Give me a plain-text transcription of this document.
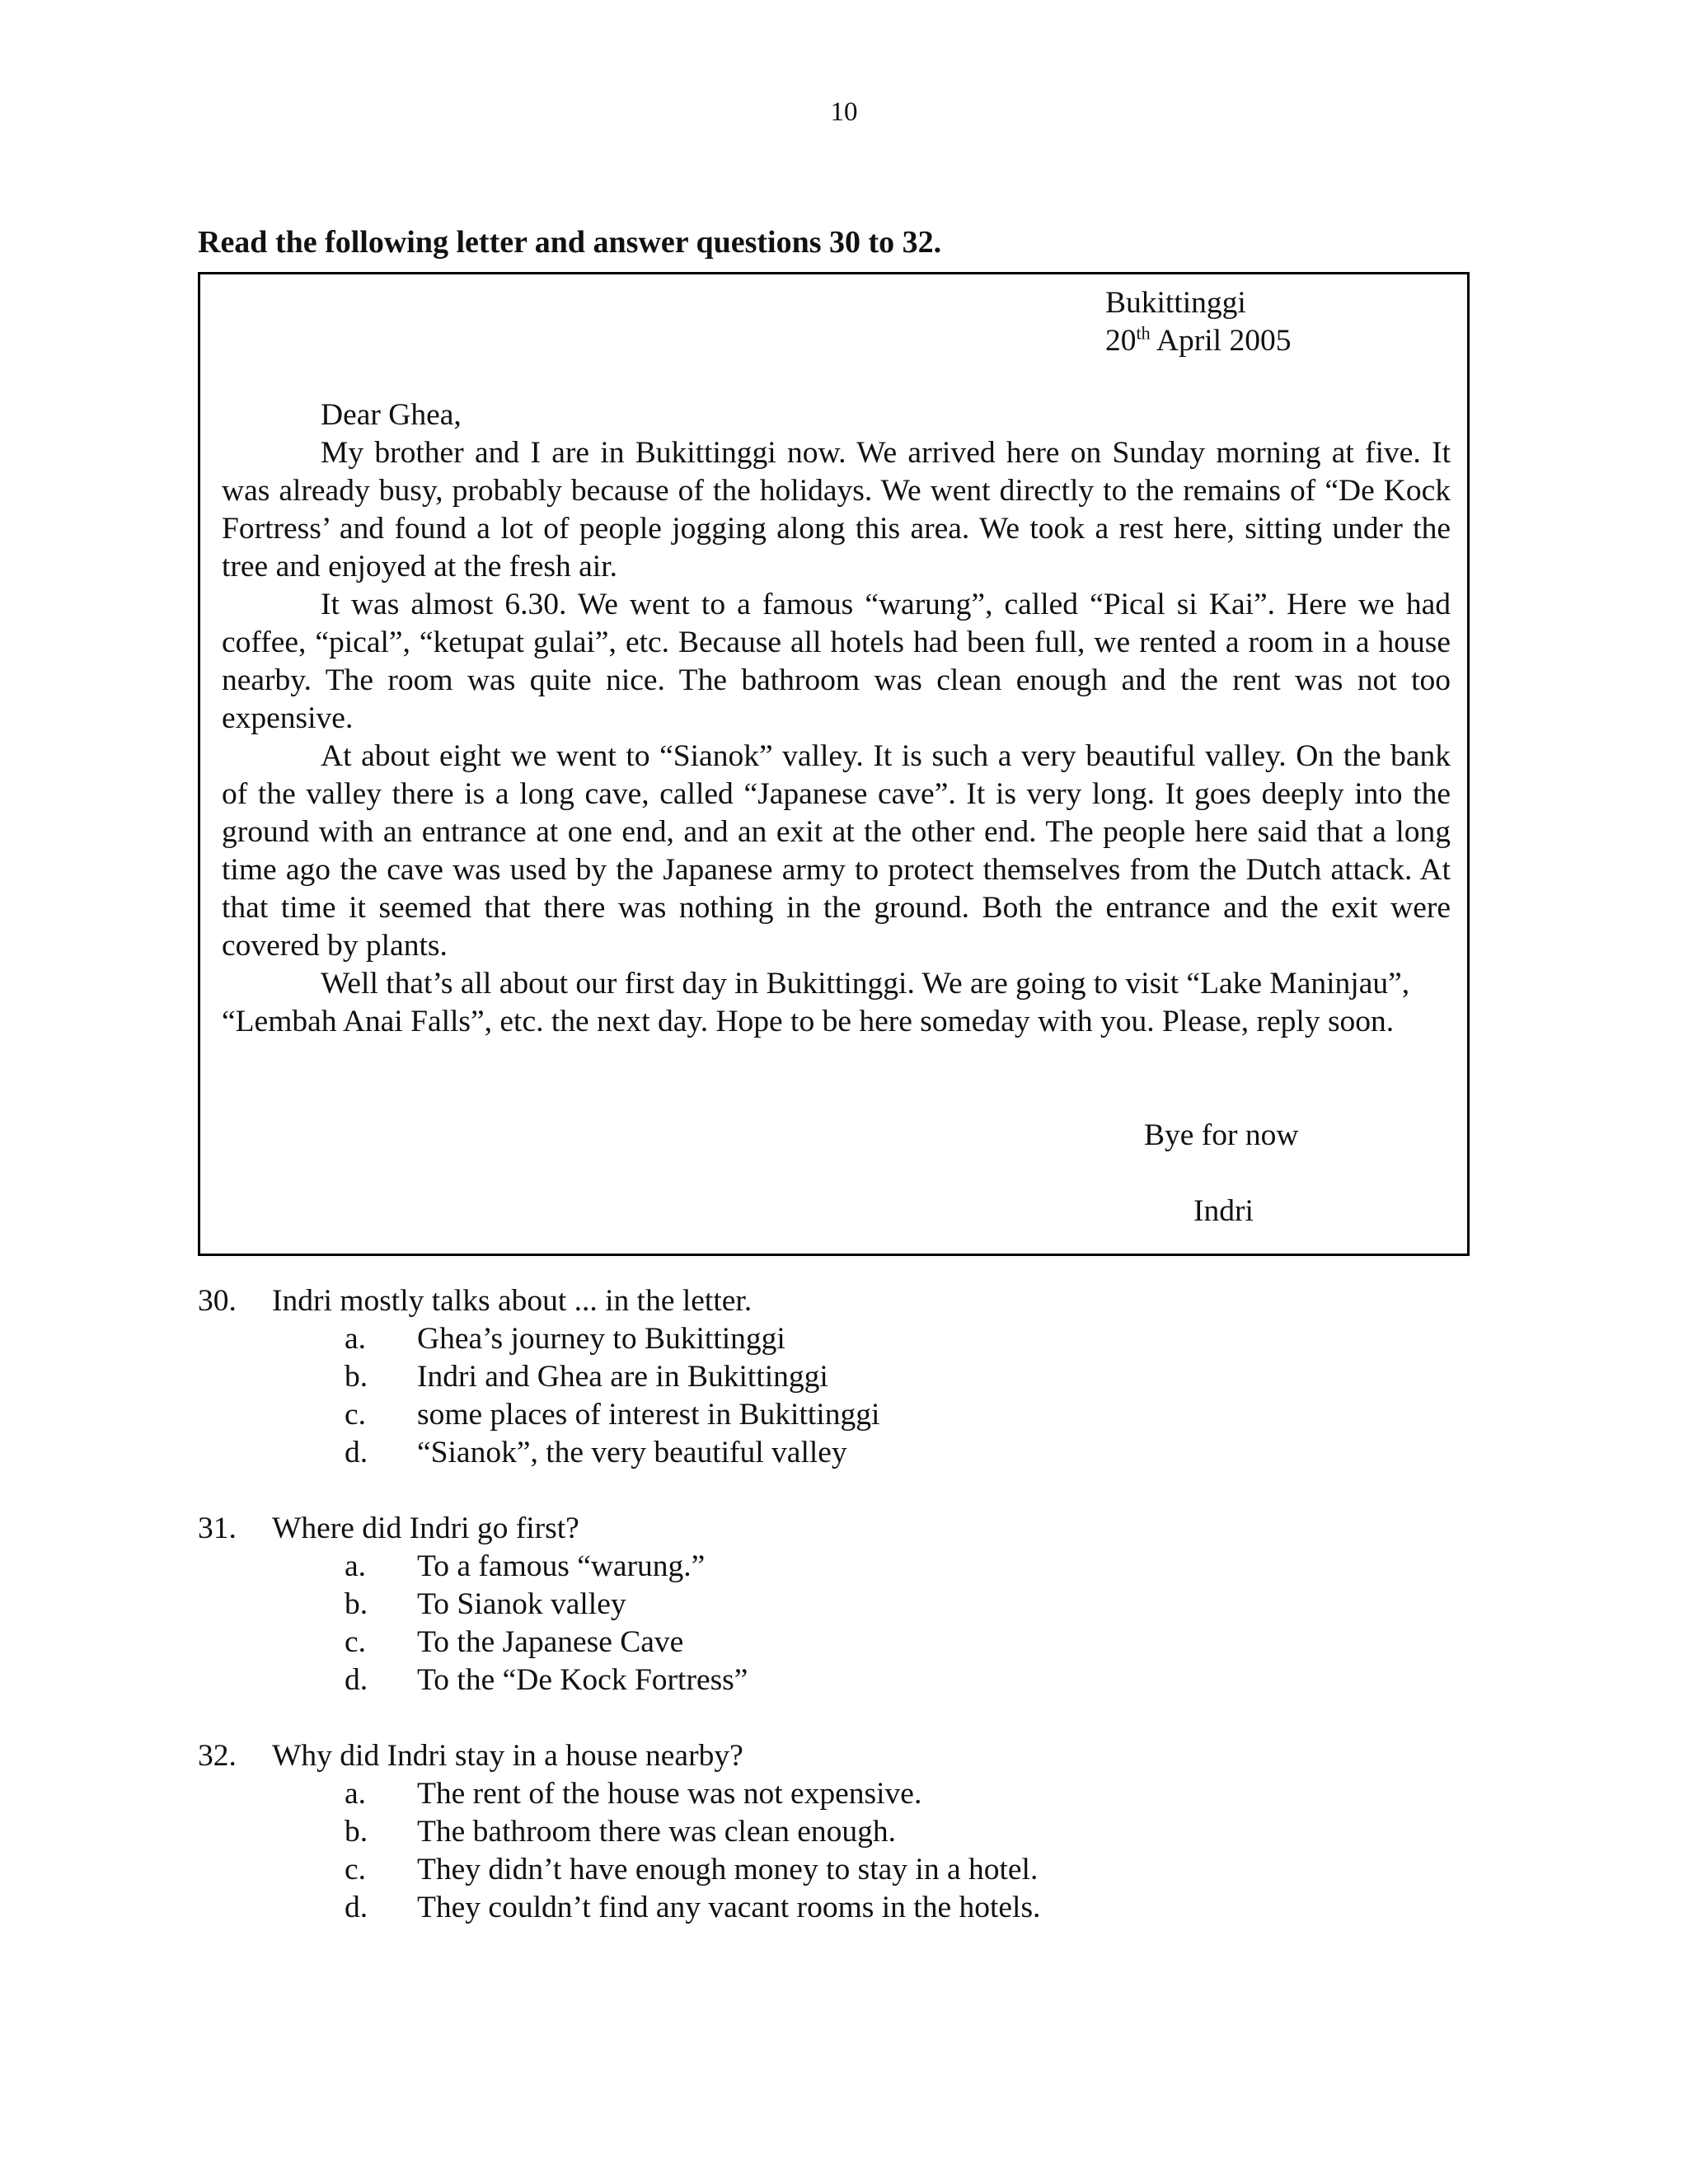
10
Read the following letter and answer questions 30 to 32.
Bukittinggi
20th April 2005
Dear Ghea,
My brother and I are in Bukittinggi now. We arrived here on Sunday morning at five. It was already busy, probably because of the holidays. We went directly to the remains of “De Kock Fortress’ and found a lot of people jogging along this area. We took a rest here, sitting under the tree and enjoyed at the fresh air.
It was almost 6.30. We went to a famous “warung”, called “Pical si Kai”. Here we had coffee, “pical”, “ketupat gulai”, etc. Because all hotels had been full, we rented a room in a house nearby. The room was quite nice. The bathroom was clean enough and the rent was not too expensive.
At about eight we went to “Sianok” valley. It is such a very beautiful valley. On the bank of the valley there is a long cave, called “Japanese cave”. It is very long. It goes deeply into the ground with an entrance at one end, and an exit at the other end. The people here said that a long time ago the cave was used by the Japanese army to protect themselves from the Dutch attack. At that time it seemed that there was nothing in the ground. Both the entrance and the exit were covered by plants.
Well that’s all about our first day in Bukittinggi. We are going to visit “Lake Maninjau”, “Lembah Anai Falls”, etc. the next day. Hope to be here someday with you. Please, reply soon.
Bye for now
Indri
30. Indri mostly talks about ... in the letter.
a. Ghea’s journey to Bukittinggi
b. Indri and Ghea are in Bukittinggi
c. some places of interest in Bukittinggi
d. “Sianok”, the very beautiful valley
31. Where did Indri go first?
a. To a famous “warung.”
b. To Sianok valley
c. To the Japanese Cave
d. To the “De Kock Fortress”
32. Why did Indri stay in a house nearby?
a. The rent of the house was not expensive.
b. The bathroom there was clean enough.
c. They didn’t have enough money to stay in a hotel.
d. They couldn’t find any vacant rooms in the hotels.
